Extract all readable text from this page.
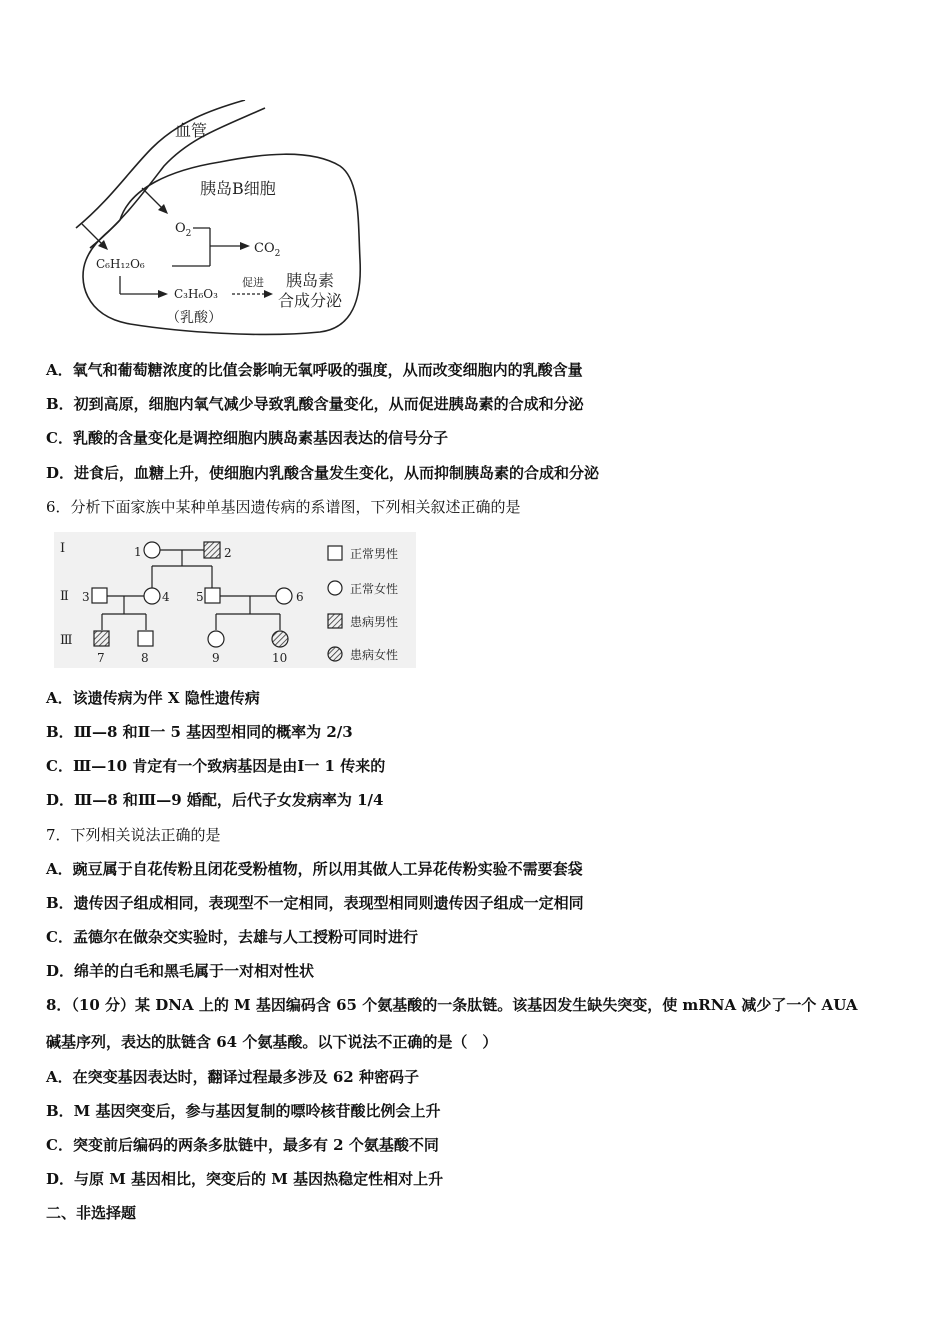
血管
胰岛B细胞
$O_2$
C₆H₁₂O₆
$CO_2$
C₃H₆O₃
（乳酸）
促进 胰岛素
合成分泌
A．氧气和葡萄糖浓度的比值会影响无氧呼吸的强度，从而改变细胞内的乳酸含量
B．初到高原，细胞内氧气减少导致乳酸含量变化，从而促进胰岛素的合成和分泌
C．乳酸的含量变化是调控细胞内胰岛素基因表达的信号分子
D．进食后，血糖上升，使细胞内乳酸含量发生变化，从而抑制胰岛素的合成和分泌
6．分析下面家族中某种单基因遗传病的系谱图，下列相关叙述正确的是
Ⅰ
Ⅱ
Ⅲ
1	2
3	4 5	6
7	8	9	10
正常男性
正常女性
患病男性
患病女性
A．该遗传病为伴 X 隐性遗传病
B．Ⅲ—8 和Ⅱ一 5 基因型相同的概率为 2/3
C．Ⅲ—10 肯定有一个致病基因是由Ⅰ一 1 传来的
D．Ⅲ—8 和Ⅲ—9 婚配，后代子女发病率为 1/4
7．下列相关说法正确的是
A．豌豆属于自花传粉且闭花受粉植物，所以用其做人工异花传粉实验不需要套袋
B．遗传因子组成相同，表现型不一定相同，表现型相同则遗传因子组成一定相同
C．孟德尔在做杂交实验时，去雄与人工授粉可同时进行
D．绵羊的白毛和黑毛属于一对相对性状
8．（10 分）某 DNA 上的 M 基因编码含 65 个氨基酸的一条肽链。该基因发生缺失突变，使 mRNA 减少了一个 AUA
碱基序列，表达的肽链含 64 个氨基酸。以下说法不正确的是（　）
A．在突变基因表达时，翻译过程最多涉及 62 种密码子
B．M 基因突变后，参与基因复制的嘌呤核苷酸比例会上升
C．突变前后编码的两条多肽链中，最多有 2 个氨基酸不同
D．与原 M 基因相比，突变后的 M 基因热稳定性相对上升
二、非选择题
